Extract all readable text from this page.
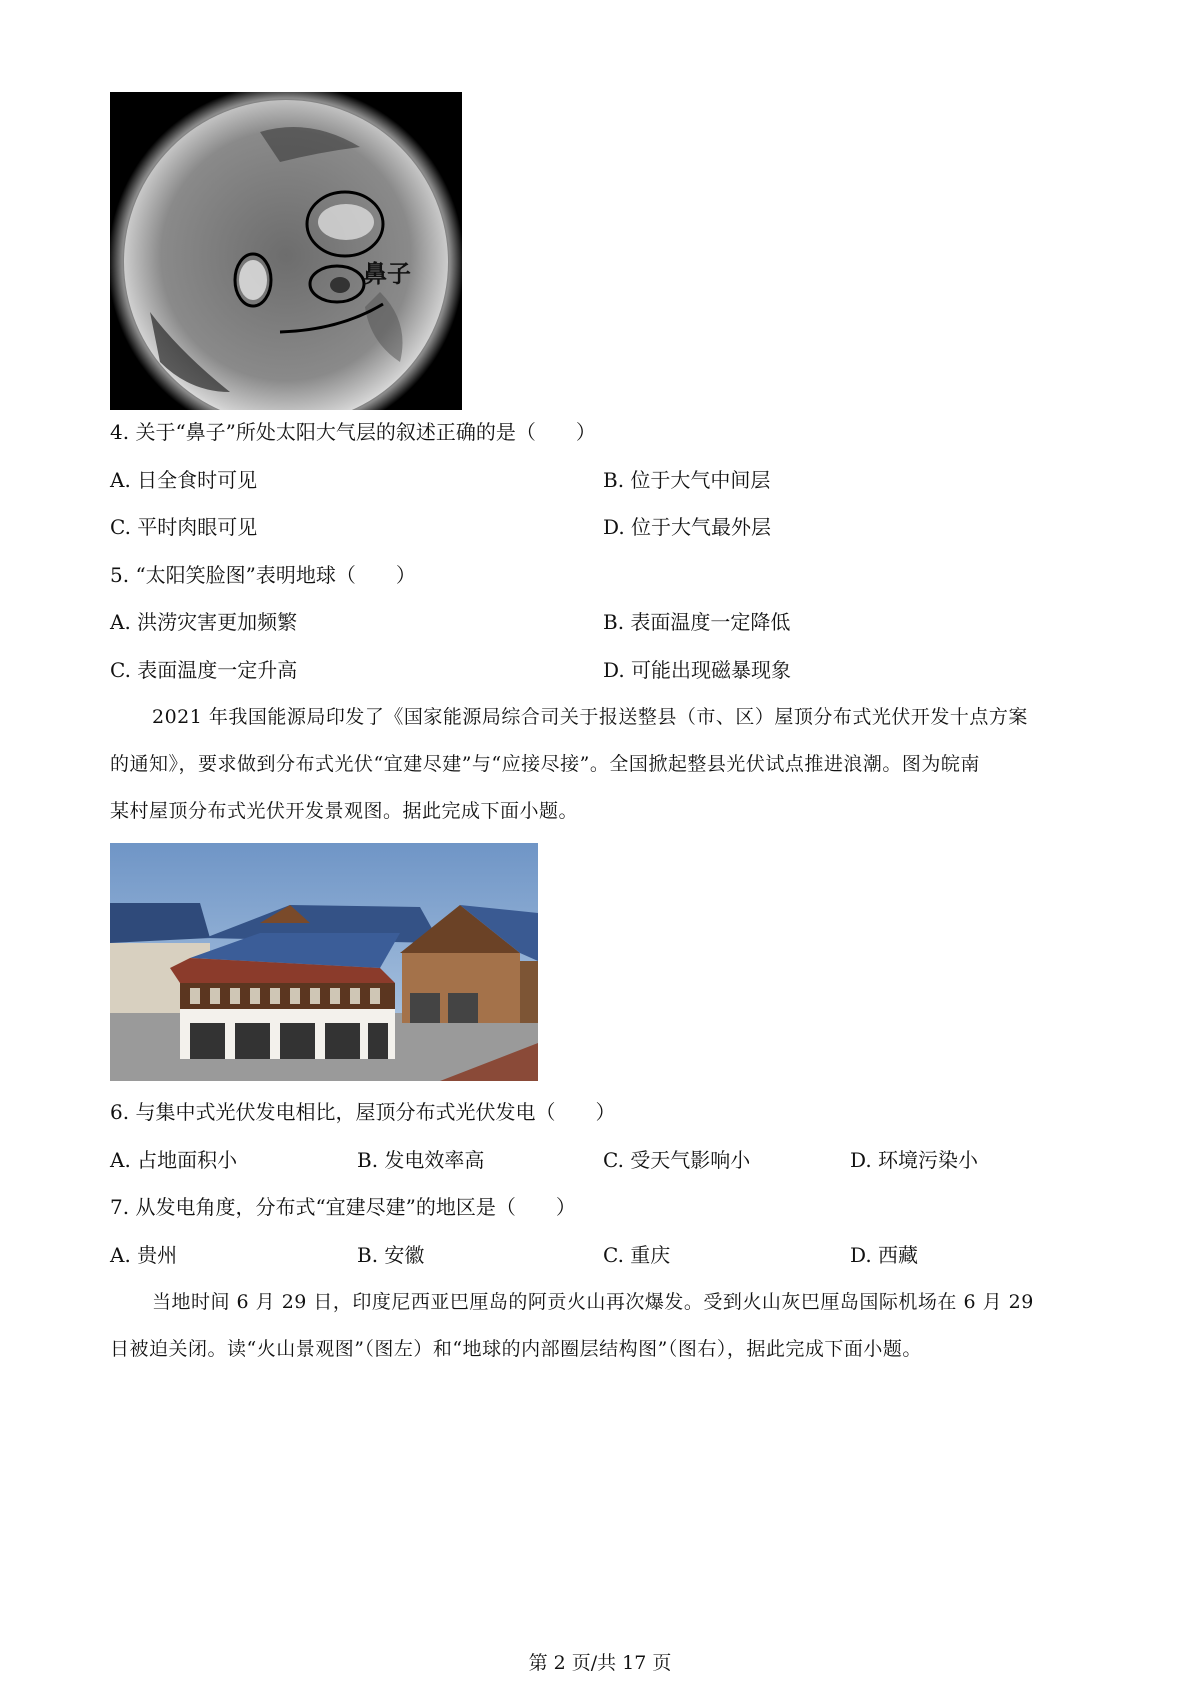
鼻子
4. 关于“鼻子”所处太阳大气层的叙述正确的是（　　）
A. 日全食时可见	B. 位于大气中间层
C. 平时肉眼可见	D. 位于大气最外层
5. “太阳笑脸图”表明地球（　　）
A. 洪涝灾害更加频繁	B. 表面温度一定降低
C. 表面温度一定升高	D. 可能出现磁暴现象
2021 年我国能源局印发了《国家能源局综合司关于报送整县（市、区）屋顶分布式光伏开发十点方案
的通知》，要求做到分布式光伏“宜建尽建”与“应接尽接”。全国掀起整县光伏试点推进浪潮。图为皖南
某村屋顶分布式光伏开发景观图。据此完成下面小题。
6. 与集中式光伏发电相比，屋顶分布式光伏发电（　　）
A. 占地面积小	B. 发电效率高	C. 受天气影响小	D. 环境污染小
7. 从发电角度，分布式“宜建尽建”的地区是（　　）
A. 贵州	B. 安徽	C. 重庆	D. 西藏
当地时间 6 月 29 日，印度尼西亚巴厘岛的阿贡火山再次爆发。受到火山灰巴厘岛国际机场在 6 月 29
日被迫关闭。读“火山景观图”（图左）和“地球的内部圈层结构图”（图右），据此完成下面小题。
第 2 页/共 17 页
